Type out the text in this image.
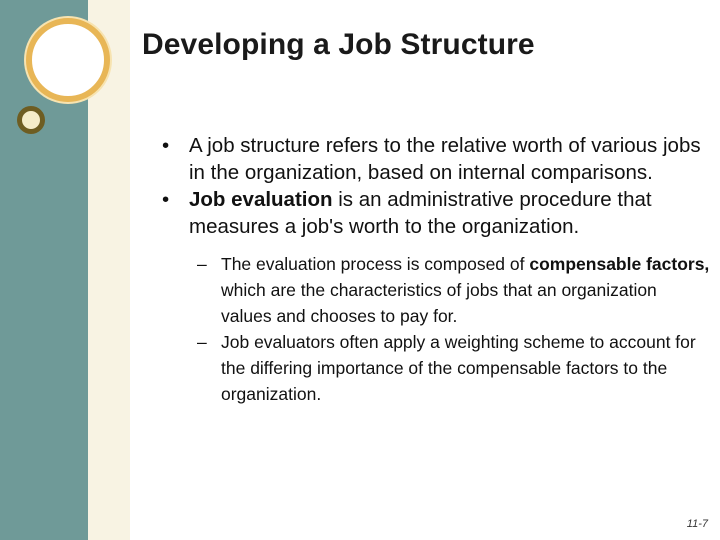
Developing a Job Structure

• A job structure refers to the relative worth of various jobs in the organization, based on internal comparisons.

• Job evaluation is an administrative procedure that measures a job's worth to the organization.

– The evaluation process is composed of compensable factors, which are the characteristics of jobs that an organization values and chooses to pay for.

– Job evaluators often apply a weighting scheme to account for the differing importance of the compensable factors to the organization.

11-7
